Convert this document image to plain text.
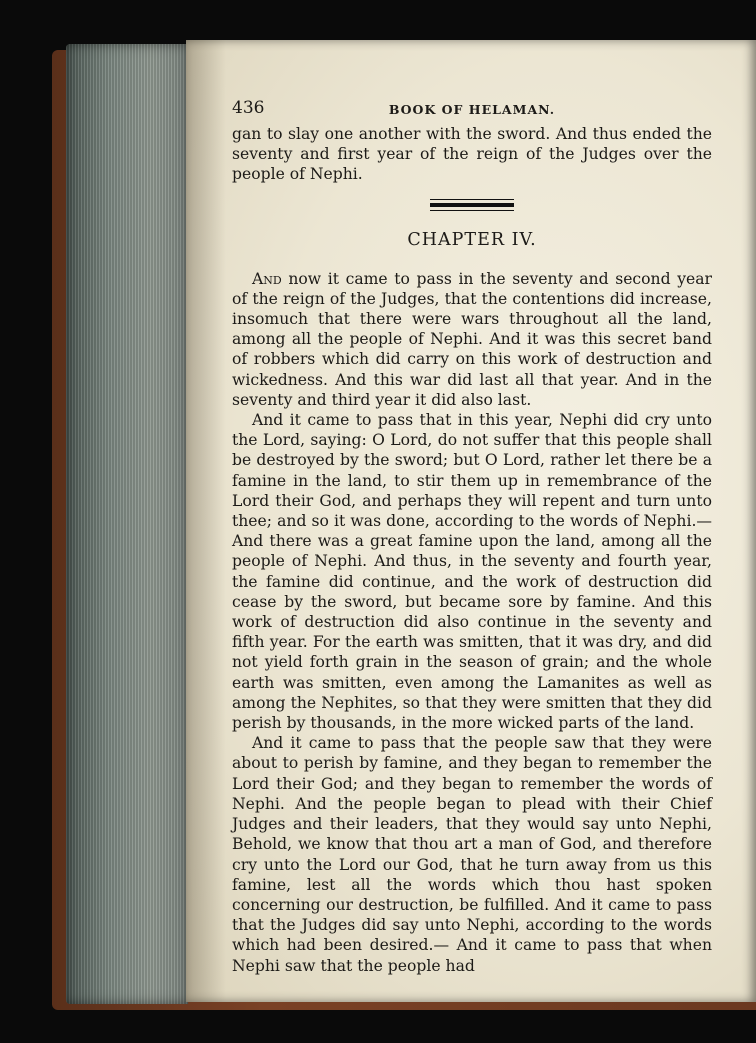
436	BOOK OF HELAMAN.

gan to slay one another with the sword. And thus ended the seventy and first year of the reign of the Judges over the people of Nephi.

CHAPTER IV.

And now it came to pass in the seventy and second year of the reign of the Judges, that the contentions did increase, insomuch that there were wars throughout all the land, among all the people of Nephi. And it was this secret band of robbers which did carry on this work of destruction and wickedness. And this war did last all that year. And in the seventy and third year it did also last.

And it came to pass that in this year, Nephi did cry unto the Lord, saying: O Lord, do not suffer that this people shall be destroyed by the sword; but O Lord, rather let there be a famine in the land, to stir them up in remembrance of the Lord their God, and perhaps they will repent and turn unto thee; and so it was done, according to the words of Nephi.— And there was a great famine upon the land, among all the people of Nephi. And thus, in the seventy and fourth year, the famine did continue, and the work of destruction did cease by the sword, but became sore by famine. And this work of destruction did also continue in the seventy and fifth year. For the earth was smitten, that it was dry, and did not yield forth grain in the season of grain; and the whole earth was smitten, even among the Lamanites as well as among the Nephites, so that they were smitten that they did perish by thousands, in the more wicked parts of the land.

And it came to pass that the people saw that they were about to perish by famine, and they began to remember the Lord their God; and they began to remember the words of Nephi. And the people began to plead with their Chief Judges and their leaders, that they would say unto Nephi, Behold, we know that thou art a man of God, and therefore cry unto the Lord our God, that he turn away from us this famine, lest all the words which thou hast spoken concerning our destruction, be fulfilled. And it came to pass that the Judges did say unto Nephi, according to the words which had been desired.— And it came to pass that when Nephi saw that the people had
